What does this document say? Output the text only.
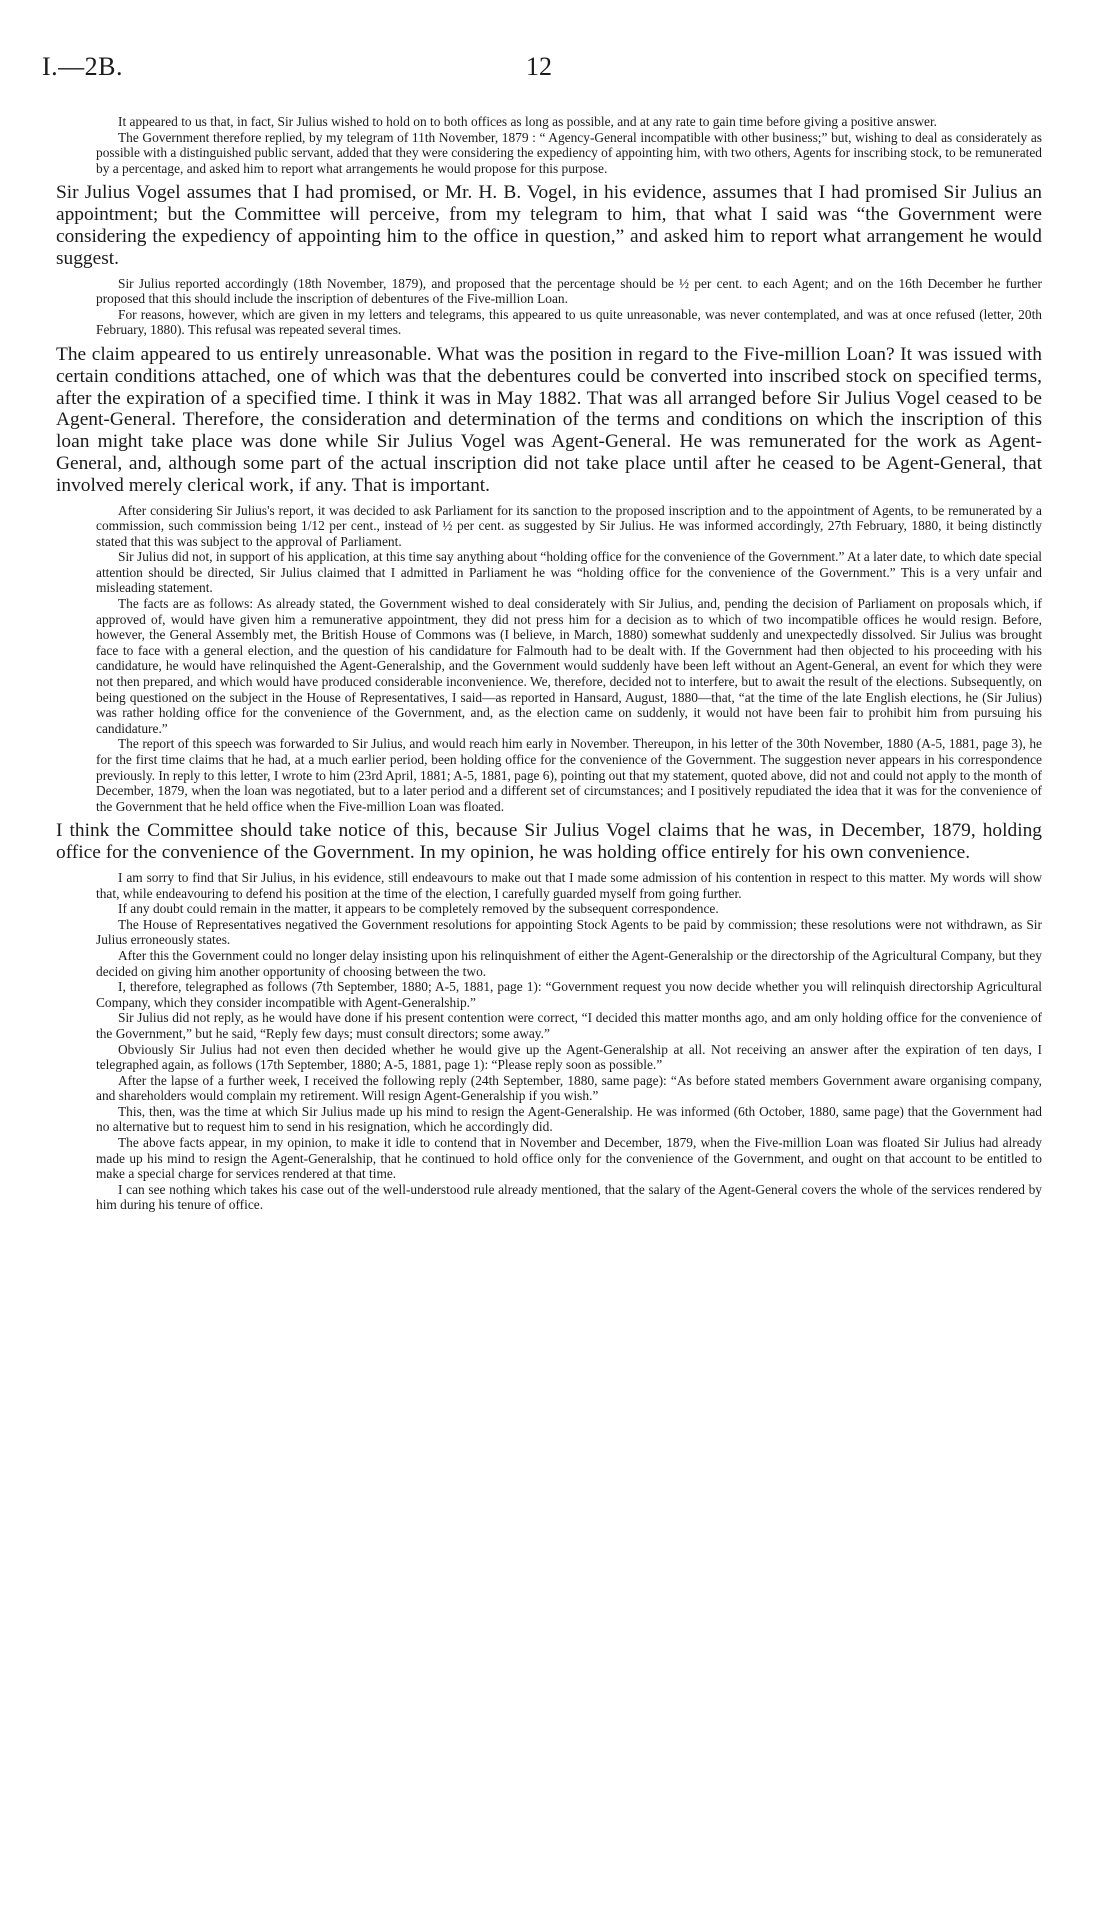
I.—2B.	12

It appeared to us that, in fact, Sir Julius wished to hold on to both offices as long as possible, and at any rate to gain time before giving a positive answer.

The Government therefore replied, by my telegram of 11th November, 1879 : “ Agency-General incompatible with other business;” but, wishing to deal as considerately as possible with a distinguished public servant, added that they were considering the expediency of appointing him, with two others, Agents for inscribing stock, to be remunerated by a percentage, and asked him to report what arrangements he would propose for this purpose.

Sir Julius Vogel assumes that I had promised, or Mr. H. B. Vogel, in his evidence, assumes that I had promised Sir Julius an appointment; but the Committee will perceive, from my telegram to him, that what I said was “the Government were considering the expediency of appointing him to the office in question,” and asked him to report what arrangement he would suggest.

Sir Julius reported accordingly (18th November, 1879), and proposed that the percentage should be ½ per cent. to each Agent; and on the 16th December he further proposed that this should include the inscription of debentures of the Five-million Loan.

For reasons, however, which are given in my letters and telegrams, this appeared to us quite unreasonable, was never contemplated, and was at once refused (letter, 20th February, 1880). This refusal was repeated several times.

The claim appeared to us entirely unreasonable. What was the position in regard to the Five-million Loan? It was issued with certain conditions attached, one of which was that the debentures could be converted into inscribed stock on specified terms, after the expiration of a specified time. I think it was in May 1882. That was all arranged before Sir Julius Vogel ceased to be Agent-General. Therefore, the consideration and determination of the terms and conditions on which the inscription of this loan might take place was done while Sir Julius Vogel was Agent-General. He was remunerated for the work as Agent-General, and, although some part of the actual inscription did not take place until after he ceased to be Agent-General, that involved merely clerical work, if any. That is important.

After considering Sir Julius's report, it was decided to ask Parliament for its sanction to the proposed inscription and to the appointment of Agents, to be remunerated by a commission, such commission being 1/12 per cent., instead of ½ per cent. as suggested by Sir Julius. He was informed accordingly, 27th February, 1880, it being distinctly stated that this was subject to the approval of Parliament.

Sir Julius did not, in support of his application, at this time say anything about “holding office for the convenience of the Government.” At a later date, to which date special attention should be directed, Sir Julius claimed that I admitted in Parliament he was “holding office for the convenience of the Government.” This is a very unfair and misleading statement.

The facts are as follows: As already stated, the Government wished to deal considerately with Sir Julius, and, pending the decision of Parliament on proposals which, if approved of, would have given him a remunerative appointment, they did not press him for a decision as to which of two incompatible offices he would resign. Before, however, the General Assembly met, the British House of Commons was (I believe, in March, 1880) somewhat suddenly and unexpectedly dissolved. Sir Julius was brought face to face with a general election, and the question of his candidature for Falmouth had to be dealt with. If the Government had then objected to his proceeding with his candidature, he would have relinquished the Agent-Generalship, and the Government would suddenly have been left without an Agent-General, an event for which they were not then prepared, and which would have produced considerable inconvenience. We, therefore, decided not to interfere, but to await the result of the elections. Subsequently, on being questioned on the subject in the House of Representatives, I said—as reported in Hansard, August, 1880—that, “at the time of the late English elections, he (Sir Julius) was rather holding office for the convenience of the Government, and, as the election came on suddenly, it would not have been fair to prohibit him from pursuing his candidature.”

The report of this speech was forwarded to Sir Julius, and would reach him early in November. Thereupon, in his letter of the 30th November, 1880 (A-5, 1881, page 3), he for the first time claims that he had, at a much earlier period, been holding office for the convenience of the Government. The suggestion never appears in his correspondence previously. In reply to this letter, I wrote to him (23rd April, 1881; A-5, 1881, page 6), pointing out that my statement, quoted above, did not and could not apply to the month of December, 1879, when the loan was negotiated, but to a later period and a different set of circumstances; and I positively repudiated the idea that it was for the convenience of the Government that he held office when the Five-million Loan was floated.

I think the Committee should take notice of this, because Sir Julius Vogel claims that he was, in December, 1879, holding office for the convenience of the Government. In my opinion, he was holding office entirely for his own convenience.

I am sorry to find that Sir Julius, in his evidence, still endeavours to make out that I made some admission of his contention in respect to this matter. My words will show that, while endeavouring to defend his position at the time of the election, I carefully guarded myself from going further.

If any doubt could remain in the matter, it appears to be completely removed by the subsequent correspondence.

The House of Representatives negatived the Government resolutions for appointing Stock Agents to be paid by commission; these resolutions were not withdrawn, as Sir Julius erroneously states.

After this the Government could no longer delay insisting upon his relinquishment of either the Agent-Generalship or the directorship of the Agricultural Company, but they decided on giving him another opportunity of choosing between the two.

I, therefore, telegraphed as follows (7th September, 1880; A-5, 1881, page 1): “Government request you now decide whether you will relinquish directorship Agricultural Company, which they consider incompatible with Agent-Generalship.”

Sir Julius did not reply, as he would have done if his present contention were correct, “I decided this matter months ago, and am only holding office for the convenience of the Government,” but he said, “Reply few days; must consult directors; some away.”

Obviously Sir Julius had not even then decided whether he would give up the Agent-Generalship at all. Not receiving an answer after the expiration of ten days, I telegraphed again, as follows (17th September, 1880; A-5, 1881, page 1): “Please reply soon as possible.”

After the lapse of a further week, I received the following reply (24th September, 1880, same page): “As before stated members Government aware organising company, and shareholders would complain my retirement. Will resign Agent-Generalship if you wish.”

This, then, was the time at which Sir Julius made up his mind to resign the Agent-Generalship. He was informed (6th October, 1880, same page) that the Government had no alternative but to request him to send in his resignation, which he accordingly did.

The above facts appear, in my opinion, to make it idle to contend that in November and December, 1879, when the Five-million Loan was floated Sir Julius had already made up his mind to resign the Agent-Generalship, that he continued to hold office only for the convenience of the Government, and ought on that account to be entitled to make a special charge for services rendered at that time.

I can see nothing which takes his case out of the well-understood rule already mentioned, that the salary of the Agent-General covers the whole of the services rendered by him during his tenure of office.
